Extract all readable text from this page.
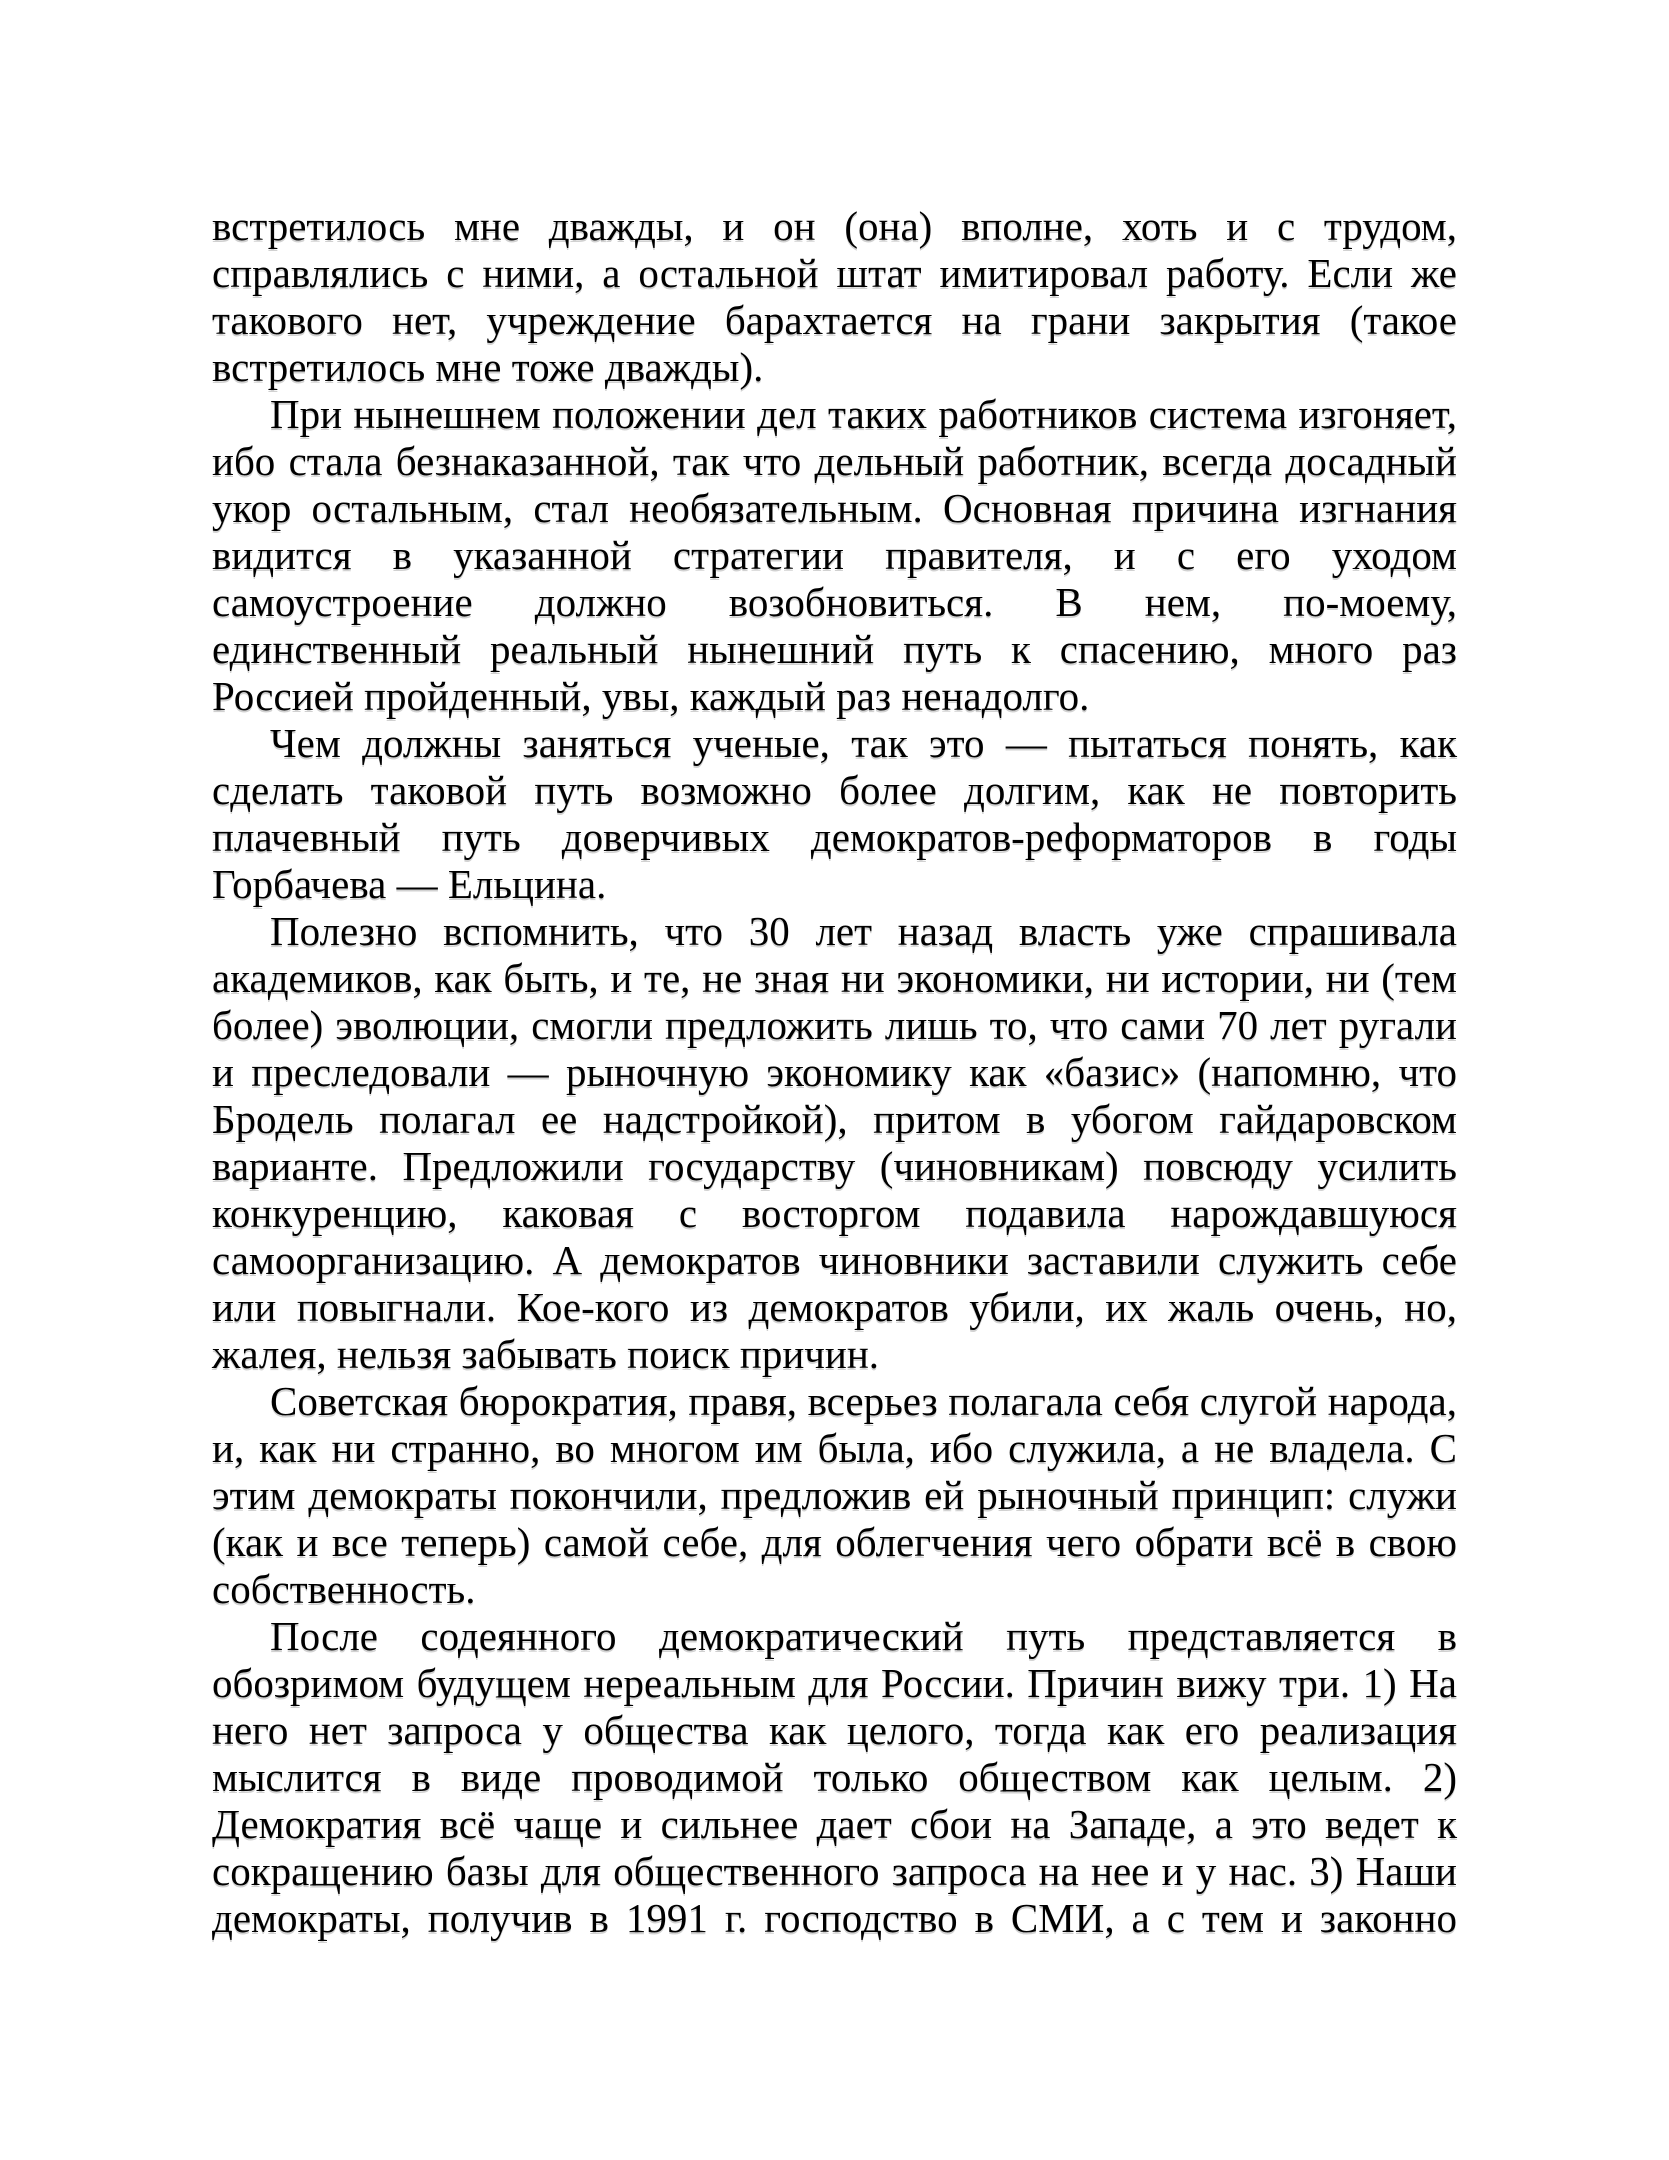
встретилось мне дважды, и он (она) вполне, хоть и с трудом, справлялись с ними, а остальной штат имитировал работу. Если же такового нет, учреждение барахтается на грани закрытия (такое встретилось мне тоже дважды).

При нынешнем положении дел таких работников система изгоняет, ибо стала безнаказанной, так что дельный работник, всегда досадный укор остальным, стал необязательным. Основная причина изгнания видится в указанной стратегии правителя, и с его уходом самоустроение должно возобновиться. В нем, по-моему, единственный реальный нынешний путь к спасению, много раз Россией пройденный, увы, каждый раз ненадолго.

Чем должны заняться ученые, так это — пытаться понять, как сделать таковой путь возможно более долгим, как не повторить плачевный путь доверчивых демократов-реформаторов в годы Горбачева — Ельцина.

Полезно вспомнить, что 30 лет назад власть уже спрашивала академиков, как быть, и те, не зная ни экономики, ни истории, ни (тем более) эволюции, смогли предложить лишь то, что сами 70 лет ругали и преследовали — рыночную экономику как «базис» (напомню, что Бродель полагал ее надстройкой), притом в убогом гайдаровском варианте. Предложили государству (чиновникам) повсюду усилить конкуренцию, каковая с восторгом подавила нарождавшуюся самоорганизацию. А демократов чиновники заставили служить себе или повыгнали. Кое-кого из демократов убили, их жаль очень, но, жалея, нельзя забывать поиск причин.

Советская бюрократия, правя, всерьез полагала себя слугой народа, и, как ни странно, во многом им была, ибо служила, а не владела. С этим демократы покончили, предложив ей рыночный принцип: служи (как и все теперь) самой себе, для облегчения чего обрати всё в свою собственность.

После содеянного демократический путь представляется в обозримом будущем нереальным для России. Причин вижу три. 1) На него нет запроса у общества как целого, тогда как его реализация мыслится в виде проводимой только обществом как целым. 2) Демократия всё чаще и сильнее дает сбои на Западе, а это ведет к сокращению базы для общественного запроса на нее и у нас. 3) Наши демократы, получив в 1991 г. господство в СМИ, а с тем и законно
